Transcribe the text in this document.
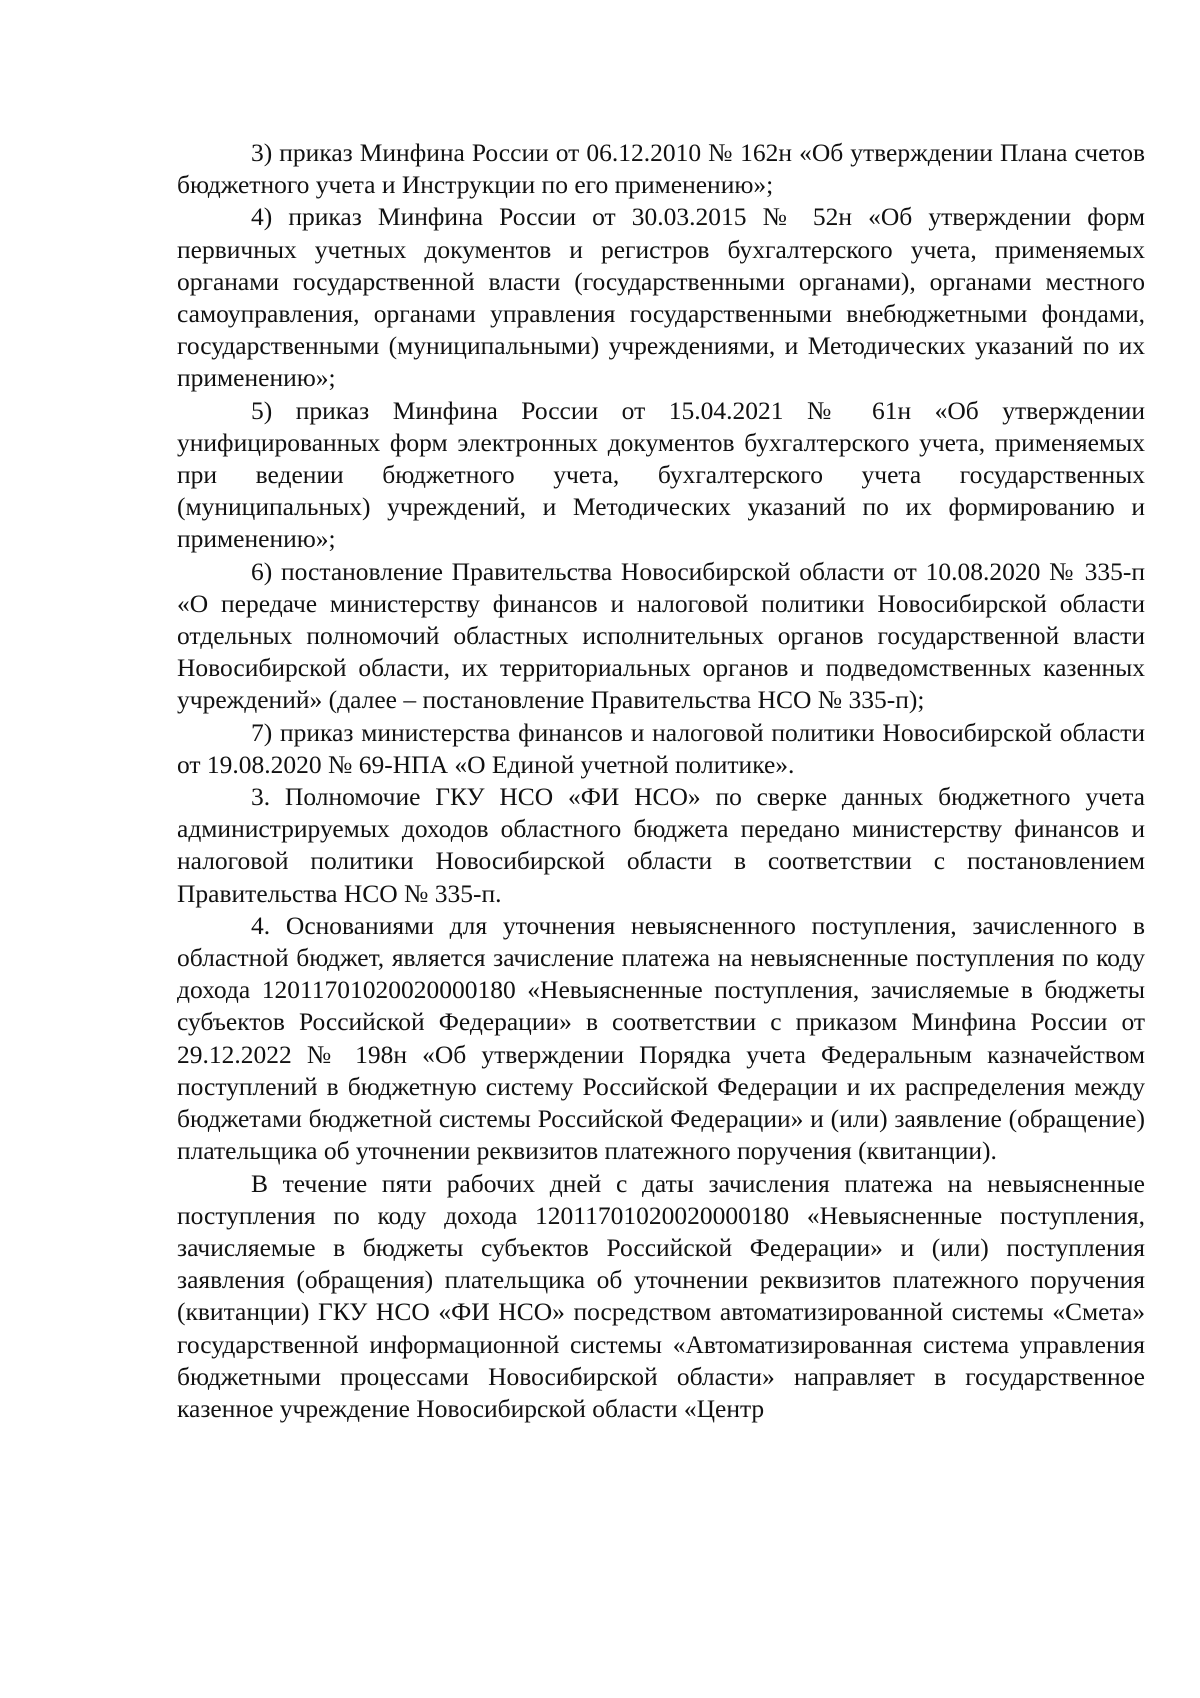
3) приказ Минфина России от 06.12.2010 № 162н «Об утверждении Плана счетов бюджетного учета и Инструкции по его применению»;

4) приказ Минфина России от 30.03.2015 № 52н «Об утверждении форм первичных учетных документов и регистров бухгалтерского учета, применяемых органами государственной власти (государственными органами), органами местного самоуправления, органами управления государственными внебюджетными фондами, государственными (муниципальными) учреждениями, и Методических указаний по их применению»;

5) приказ Минфина России от 15.04.2021 № 61н «Об утверждении унифицированных форм электронных документов бухгалтерского учета, применяемых при ведении бюджетного учета, бухгалтерского учета государственных (муниципальных) учреждений, и Методических указаний по их формированию и применению»;

6) постановление Правительства Новосибирской области от 10.08.2020 № 335-п «О передаче министерству финансов и налоговой политики Новосибирской области отдельных полномочий областных исполнительных органов государственной власти Новосибирской области, их территориальных органов и подведомственных казенных учреждений» (далее – постановление Правительства НСО № 335-п);

7) приказ министерства финансов и налоговой политики Новосибирской области от 19.08.2020 № 69-НПА «О Единой учетной политике».

3. Полномочие ГКУ НСО «ФИ НСО» по сверке данных бюджетного учета администрируемых доходов областного бюджета передано министерству финансов и налоговой политики Новосибирской области в соответствии с постановлением Правительства НСО № 335-п.

4. Основаниями для уточнения невыясненного поступления, зачисленного в областной бюджет, является зачисление платежа на невыясненные поступления по коду дохода 12011701020020000180 «Невыясненные поступления, зачисляемые в бюджеты субъектов Российской Федерации» в соответствии с приказом Минфина России от 29.12.2022 № 198н «Об утверждении Порядка учета Федеральным казначейством поступлений в бюджетную систему Российской Федерации и их распределения между бюджетами бюджетной системы Российской Федерации» и (или) заявление (обращение) плательщика об уточнении реквизитов платежного поручения (квитанции).

В течение пяти рабочих дней с даты зачисления платежа на невыясненные поступления по коду дохода 12011701020020000180 «Невыясненные поступления, зачисляемые в бюджеты субъектов Российской Федерации» и (или) поступления заявления (обращения) плательщика об уточнении реквизитов платежного поручения (квитанции) ГКУ НСО «ФИ НСО» посредством автоматизированной системы «Смета» государственной информационной системы «Автоматизированная система управления бюджетными процессами Новосибирской области» направляет в государственное казенное учреждение Новосибирской области «Центр
